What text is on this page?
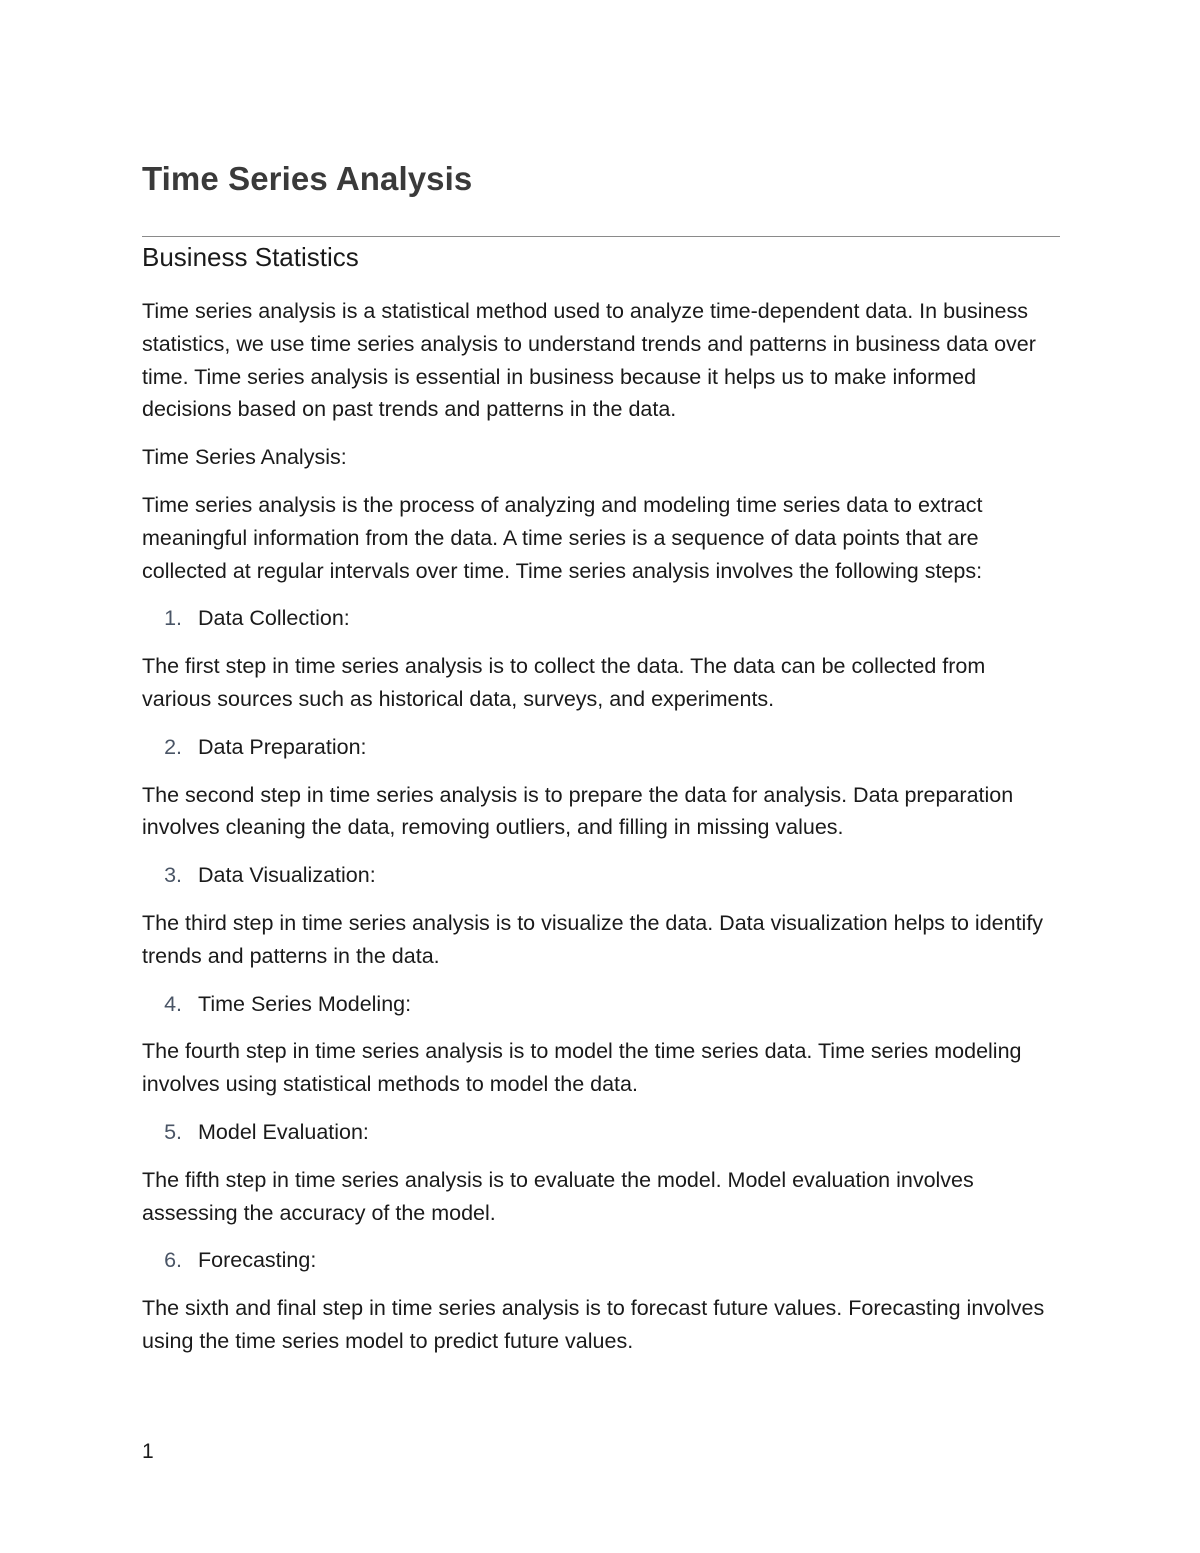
Time Series Analysis
Business Statistics

Time series analysis is a statistical method used to analyze time-dependent data. In business statistics, we use time series analysis to understand trends and patterns in business data over time. Time series analysis is essential in business because it helps us to make informed decisions based on past trends and patterns in the data.

Time Series Analysis:

Time series analysis is the process of analyzing and modeling time series data to extract meaningful information from the data. A time series is a sequence of data points that are collected at regular intervals over time. Time series analysis involves the following steps:

1. Data Collection:

The first step in time series analysis is to collect the data. The data can be collected from various sources such as historical data, surveys, and experiments.

2. Data Preparation:

The second step in time series analysis is to prepare the data for analysis. Data preparation involves cleaning the data, removing outliers, and filling in missing values.

3. Data Visualization:

The third step in time series analysis is to visualize the data. Data visualization helps to identify trends and patterns in the data.

4. Time Series Modeling:

The fourth step in time series analysis is to model the time series data. Time series modeling involves using statistical methods to model the data.

5. Model Evaluation:

The fifth step in time series analysis is to evaluate the model. Model evaluation involves assessing the accuracy of the model.

6. Forecasting:

The sixth and final step in time series analysis is to forecast future values. Forecasting involves using the time series model to predict future values.

1
